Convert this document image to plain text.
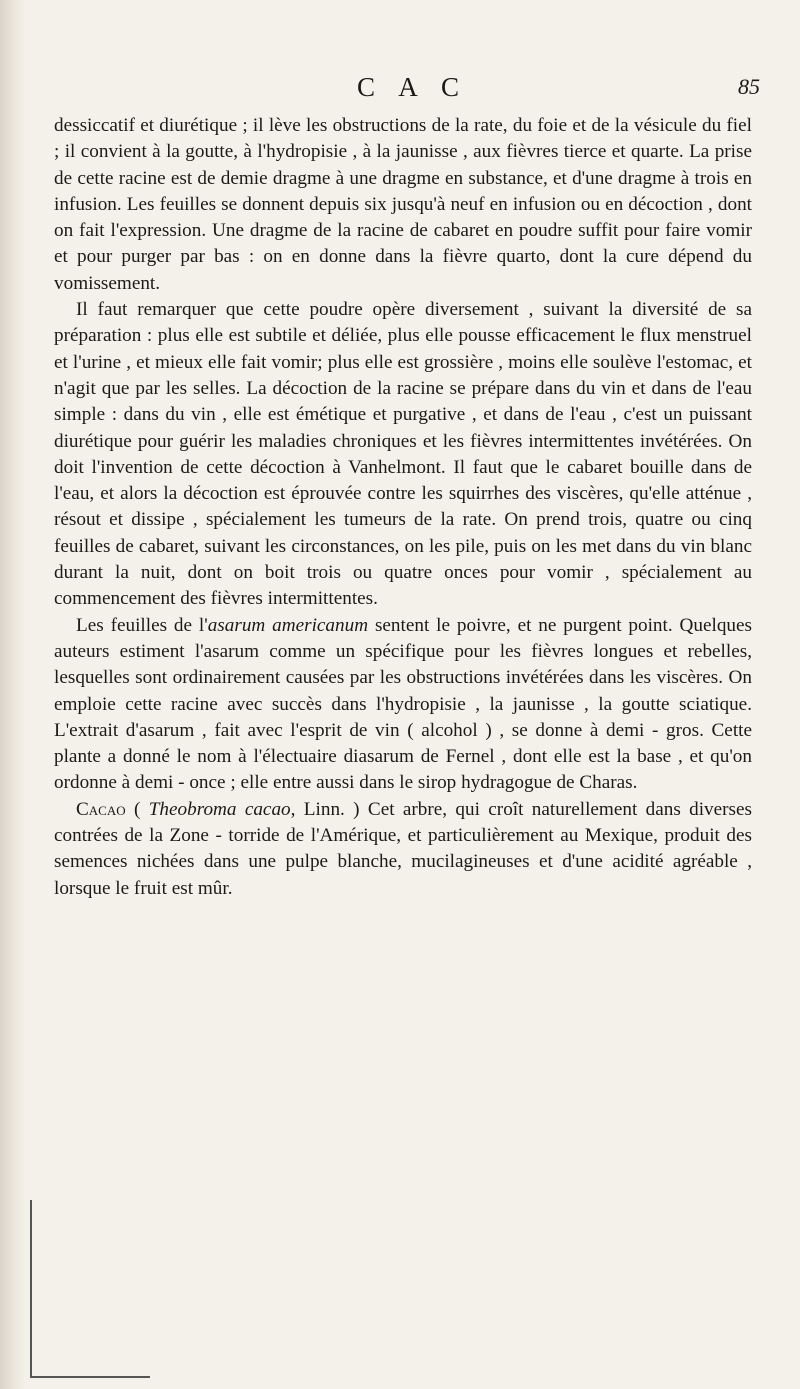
C A C	85

dessiccatif et diurétique ; il lève les obstructions de la rate, du foie et de la vésicule du fiel ; il convient à la goutte, à l'hydropisie , à la jaunisse , aux fièvres tierce et quarte. La prise de cette racine est de demie dragme à une dragme en substance, et d'une dragme à trois en infusion. Les feuilles se donnent depuis six jusqu'à neuf en infusion ou en décoction , dont on fait l'expression. Une dragme de la racine de cabaret en poudre suffit pour faire vomir et pour purger par bas : on en donne dans la fièvre quarto, dont la cure dépend du vomissement.

Il faut remarquer que cette poudre opère diversement , suivant la diversité de sa préparation : plus elle est subtile et déliée, plus elle pousse efficacement le flux menstruel et l'urine , et mieux elle fait vomir; plus elle est grossière , moins elle soulève l'estomac, et n'agit que par les selles. La décoction de la racine se prépare dans du vin et dans de l'eau simple : dans du vin , elle est émétique et purgative , et dans de l'eau , c'est un puissant diurétique pour guérir les maladies chroniques et les fièvres intermittentes invétérées. On doit l'invention de cette décoction à Vanhelmont. Il faut que le cabaret bouille dans de l'eau, et alors la décoction est éprouvée contre les squirrhes des viscères, qu'elle atténue , résout et dissipe , spécialement les tumeurs de la rate. On prend trois, quatre ou cinq feuilles de cabaret, suivant les circonstances, on les pile, puis on les met dans du vin blanc durant la nuit, dont on boit trois ou quatre onces pour vomir , spécialement au commencement des fièvres intermittentes.

Les feuilles de l'asarum americanum sentent le poivre, et ne purgent point. Quelques auteurs estiment l'asarum comme un spécifique pour les fièvres longues et rebelles, lesquelles sont ordinairement causées par les obstructions invétérées dans les viscères. On emploie cette racine avec succès dans l'hydropisie , la jaunisse , la goutte sciatique. L'extrait d'asarum , fait avec l'esprit de vin ( alcohol ) , se donne à demi - gros. Cette plante a donné le nom à l'électuaire diasarum de Fernel , dont elle est la base , et qu'on ordonne à demi - once ; elle entre aussi dans le sirop hydragogue de Charas.

Cacao ( Theobroma cacao, Linn. ) Cet arbre, qui croît naturellement dans diverses contrées de la Zone - torride de l'Amérique, et particulièrement au Mexique, produit des semences nichées dans une pulpe blanche, mucilagineuses et d'une acidité agréable , lorsque le fruit est mûr.
